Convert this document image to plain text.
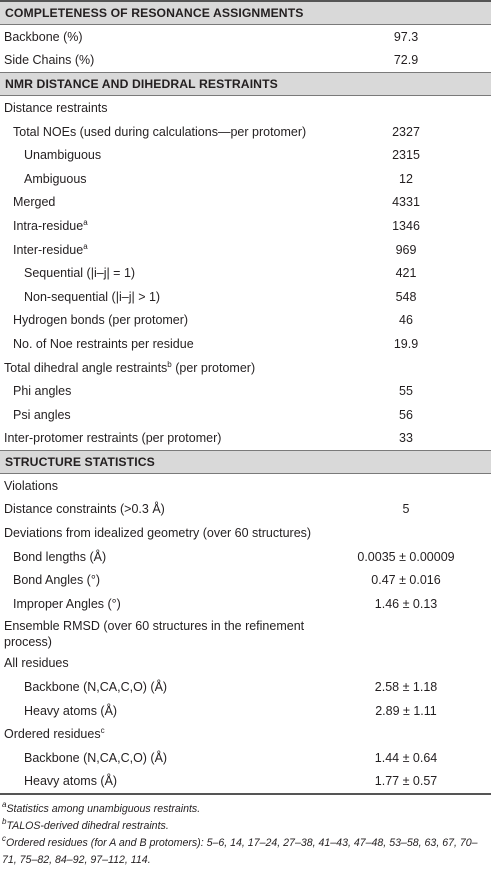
COMPLETENESS OF RESONANCE ASSIGNMENTS
Backbone (%)	97.3
Side Chains (%)	72.9
NMR DISTANCE AND DIHEDRAL RESTRAINTS
Distance restraints
Total NOEs (used during calculations—per protomer)	2327
Unambiguous	2315
Ambiguous	12
Merged	4331
Intra-residue$^a$	1346
Inter-residue$^a$	969
Sequential (|i–j| = 1)	421
Non-sequential (|i–j| > 1)	548
Hydrogen bonds (per protomer)	46
No. of Noe restraints per residue	19.9
Total dihedral angle restraints$^b$ (per protomer)
Phi angles	55
Psi angles	56
Inter-protomer restraints (per protomer)	33
STRUCTURE STATISTICS
Violations
Distance constraints (>0.3 Å)	5
Deviations from idealized geometry (over 60 structures)
Bond lengths (Å)	0.0035 ± 0.00009
Bond Angles (°)	0.47 ± 0.016
Improper Angles (°)	1.46 ± 0.13
Ensemble RMSD (over 60 structures in the refinement process)
All residues
Backbone (N,CA,C,O) (Å)	2.58 ± 1.18
Heavy atoms (Å)	2.89 ± 1.11
Ordered residues$^c$
Backbone (N,CA,C,O) (Å)	1.44 ± 0.64
Heavy atoms (Å)	1.77 ± 0.57

$^a$Statistics among unambiguous restraints.

$^b$TALOS-derived dihedral restraints.

$^c$Ordered residues (for A and B protomers): 5–6, 14, 17–24, 27–38, 41–43, 47–48, 53–58, 63, 67, 70–71, 75–82, 84–92, 97–112, 114.
